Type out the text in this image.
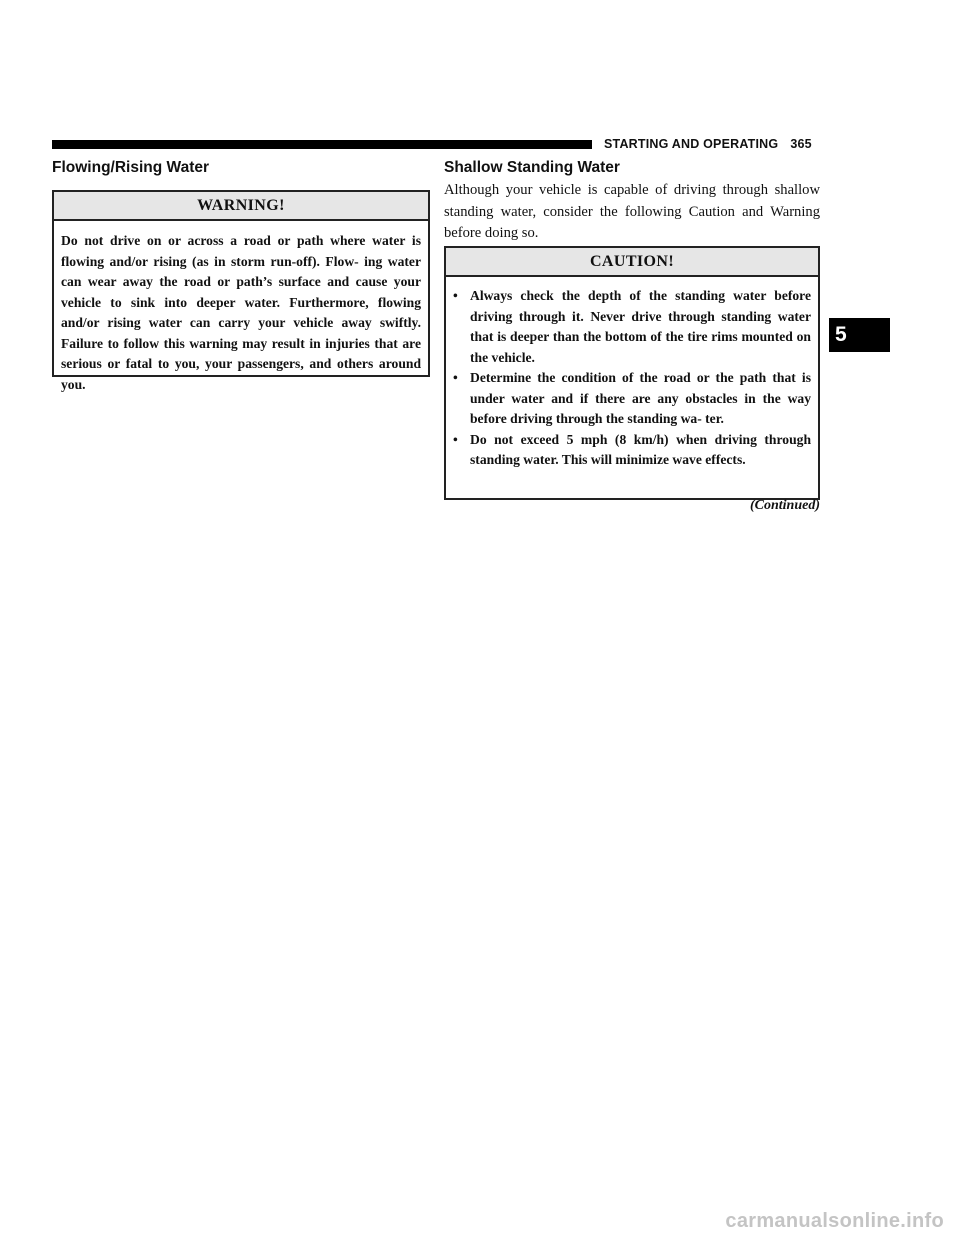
STARTING AND OPERATING 365
Flowing/Rising Water
WARNING!

Do not drive on or across a road or path where water is flowing and/or rising (as in storm run-off). Flow- ing water can wear away the road or path’s surface and cause your vehicle to sink into deeper water. Furthermore, flowing and/or rising water can carry your vehicle away swiftly. Failure to follow this warning may result in injuries that are serious or fatal to you, your passengers, and others around you.

Shallow Standing Water

Although your vehicle is capable of driving through shallow standing water, consider the following Caution and Warning before doing so.

CAUTION!
• Always check the depth of the standing water before driving through it. Never drive through standing water that is deeper than the bottom of the tire rims mounted on the vehicle.
• Determine the condition of the road or the path that is under water and if there are any obstacles in the way before driving through the standing wa- ter.
• Do not exceed 5 mph (8 km/h) when driving through standing water. This will minimize wave effects.
(Continued)
5
carmanualsonline.info
